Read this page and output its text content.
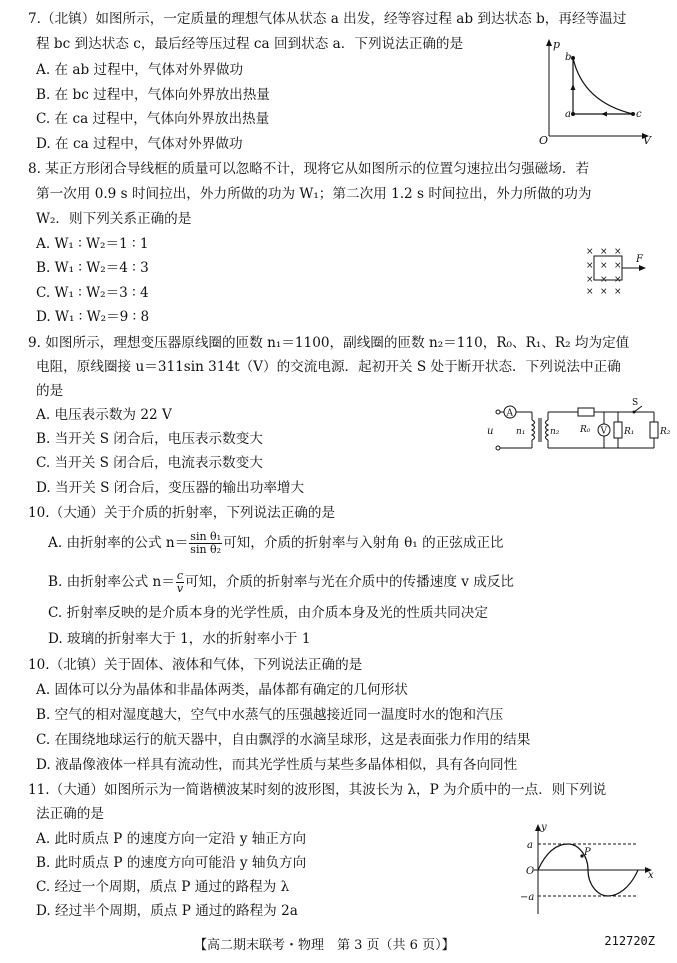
7.（北镇）如图所示，一定质量的理想气体从状态 a 出发，经等容过程 ab 到达状态 b，再经等温过
程 bc 到达状态 c，最后经等压过程 ca 回到状态 a．下列说法正确的是
A. 在 ab 过程中，气体对外界做功
B. 在 bc 过程中，气体向外界放出热量
C. 在 ca 过程中，气体向外界放出热量
D. 在 ca 过程中，气体对外界做功
p
V
O
a
b
c
8. 某正方形闭合导线框的质量可以忽略不计，现将它从如图所示的位置匀速拉出匀强磁场．若
第一次用 0.9 s 时间拉出，外力所做的功为 W₁；第二次用 1.2 s 时间拉出，外力所做的功为
W₂．则下列关系正确的是
A. W₁ ∶ W₂＝1 ∶ 1
B. W₁ ∶ W₂＝4 ∶ 3
C. W₁ ∶ W₂＝3 ∶ 4
D. W₁ ∶ W₂＝9 ∶ 8
× × ×
× × ×
× × ×
× × ×
F
9. 如图所示，理想变压器原线圈的匝数 n₁＝1100，副线圈的匝数 n₂＝110，R₀、R₁、R₂ 均为定值
电阻，原线圈接 u＝311sin 314t（V）的交流电源．起初开关 S 处于断开状态．下列说法中正确
的是
A. 电压表示数为 22 V
B. 当开关 S 闭合后，电压表示数变大
C. 当开关 S 闭合后，电流表示数变大
D. 当开关 S 闭合后，变压器的输出功率增大
A
u	n₁	n₂ R₀ V R₁
S
R₂
10.（大通）关于介质的折射率，下列说法正确的是
A. 由折射率的公式 $n= \frac{\text{sin θ₁}}{\text{sin θ₂}}$ 可知，介质的折射率与入射角 θ₁ 的正弦成正比
B. 由折射率公式 $n= \frac{c}{v}$ 可知，介质的折射率与光在介质中的传播速度 v 成反比
C. 折射率反映的是介质本身的光学性质，由介质本身及光的性质共同决定
D. 玻璃的折射率大于 1，水的折射率小于 1
10.（北镇）关于固体、液体和气体，下列说法正确的是
A. 固体可以分为晶体和非晶体两类，晶体都有确定的几何形状
B. 空气的相对湿度越大，空气中水蒸气的压强越接近同一温度时水的饱和汽压
C. 在围绕地球运行的航天器中，自由飘浮的水滴呈球形，这是表面张力作用的结果
D. 液晶像液体一样具有流动性，而其光学性质与某些多晶体相似，具有各向同性
11.（大通）如图所示为一简谐横波某时刻的波形图，其波长为 λ，P 为介质中的一点．则下列说
法正确的是
A. 此时质点 P 的速度方向一定沿 y 轴正方向
B. 此时质点 P 的速度方向可能沿 y 轴负方向
C. 经过一个周期，质点 P 通过的路程为 λ
D. 经过半个周期，质点 P 通过的路程为 2a
y
a
−a
O
P
x
【高二期末联考・物理　第 3 页（共 6 页）】	212720Z
